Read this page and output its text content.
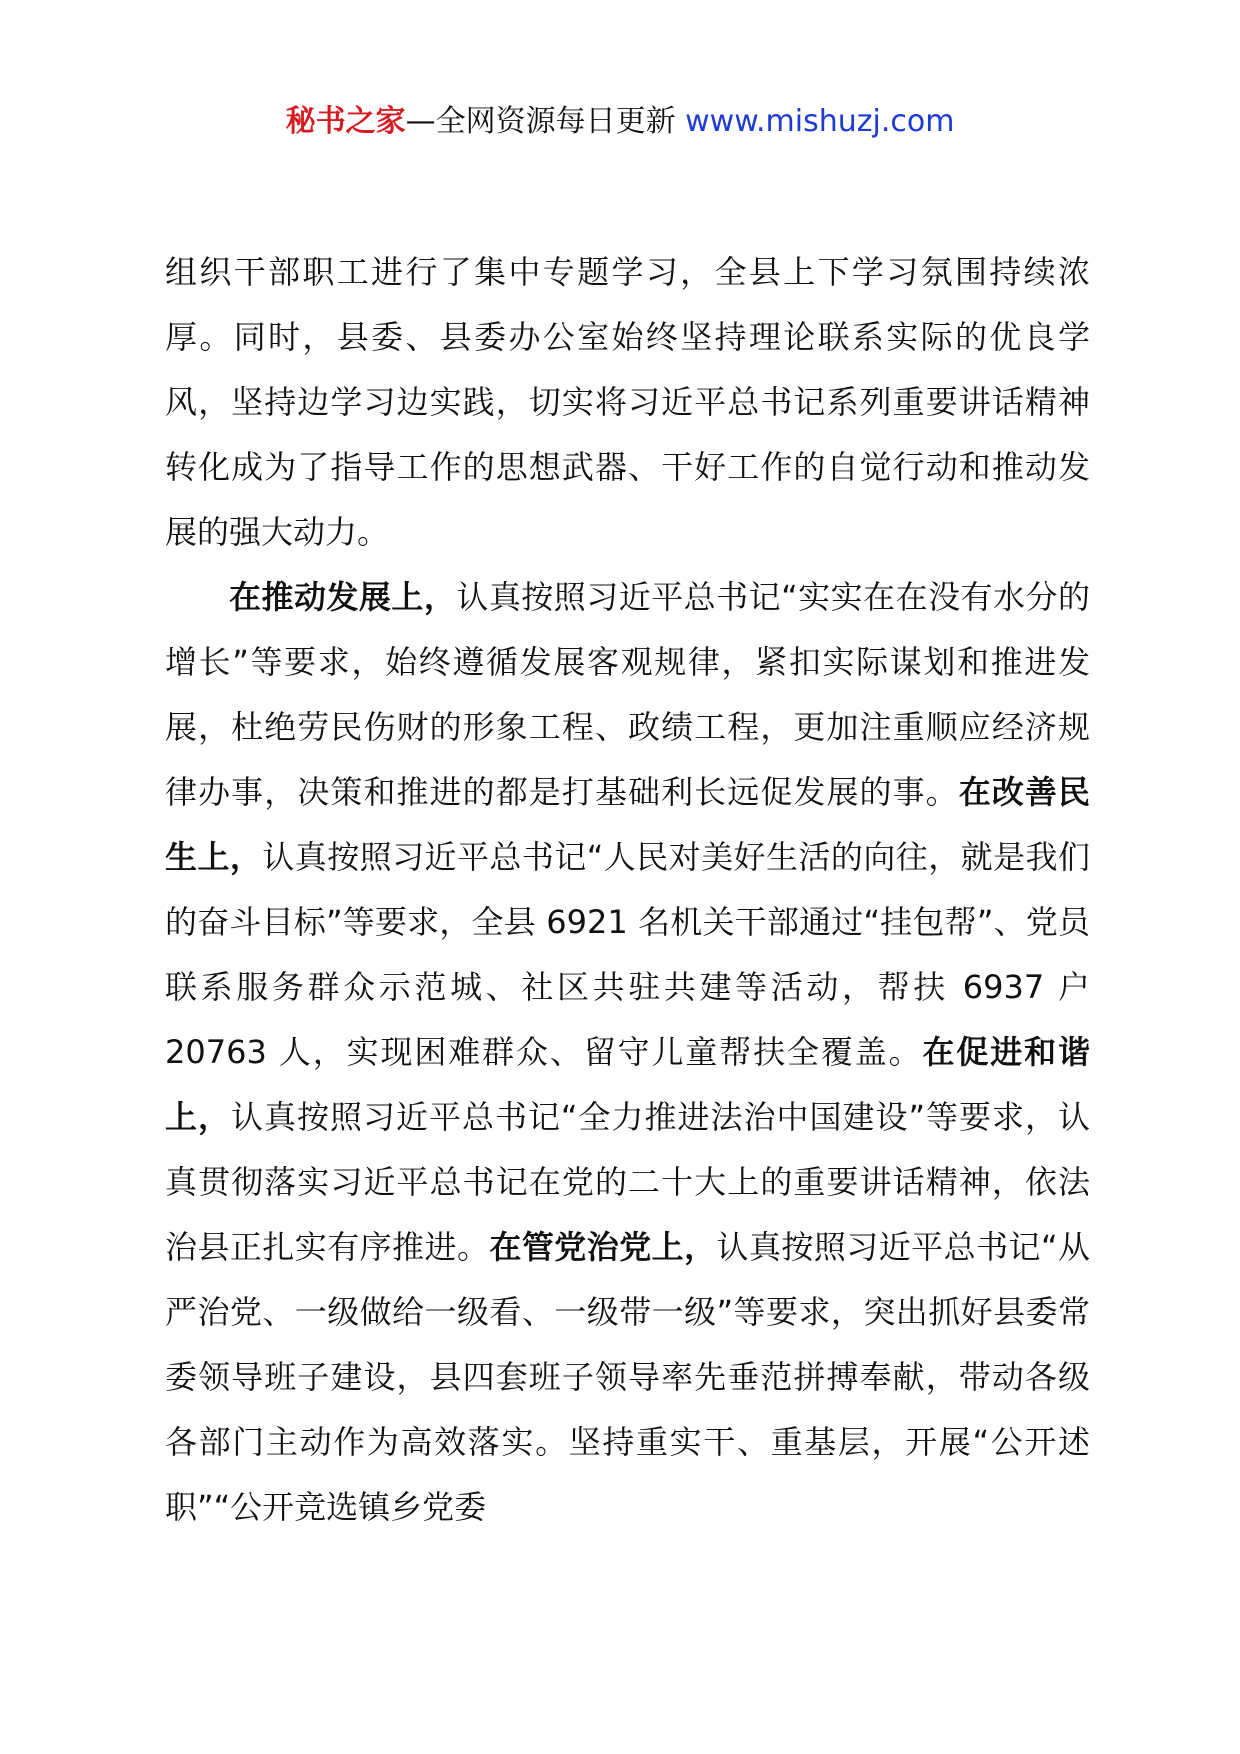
秘书之家—全网资源每日更新 www.mishuzj.com

组织干部职工进行了集中专题学习，全县上下学习氛围持续浓厚。同时，县委、县委办公室始终坚持理论联系实际的优良学风，坚持边学习边实践，切实将习近平总书记系列重要讲话精神转化成为了指导工作的思想武器、干好工作的自觉行动和推动发展的强大动力。

在推动发展上，认真按照习近平总书记“实实在在没有水分的增长”等要求，始终遵循发展客观规律，紧扣实际谋划和推进发展，杜绝劳民伤财的形象工程、政绩工程，更加注重顺应经济规律办事，决策和推进的都是打基础利长远促发展的事。在改善民生上，认真按照习近平总书记“人民对美好生活的向往，就是我们的奋斗目标”等要求，全县 6921 名机关干部通过“挂包帮”、党员联系服务群众示范城、社区共驻共建等活动，帮扶 6937 户 20763 人，实现困难群众、留守儿童帮扶全覆盖。在促进和谐上，认真按照习近平总书记“全力推进法治中国建设”等要求，认真贯彻落实习近平总书记在党的二十大上的重要讲话精神，依法治县正扎实有序推进。在管党治党上，认真按照习近平总书记“从严治党、一级做给一级看、一级带一级”等要求，突出抓好县委常委领导班子建设，县四套班子领导率先垂范拼搏奉献，带动各级各部门主动作为高效落实。坚持重实干、重基层，开展“公开述职”“公开竞选镇乡党委
